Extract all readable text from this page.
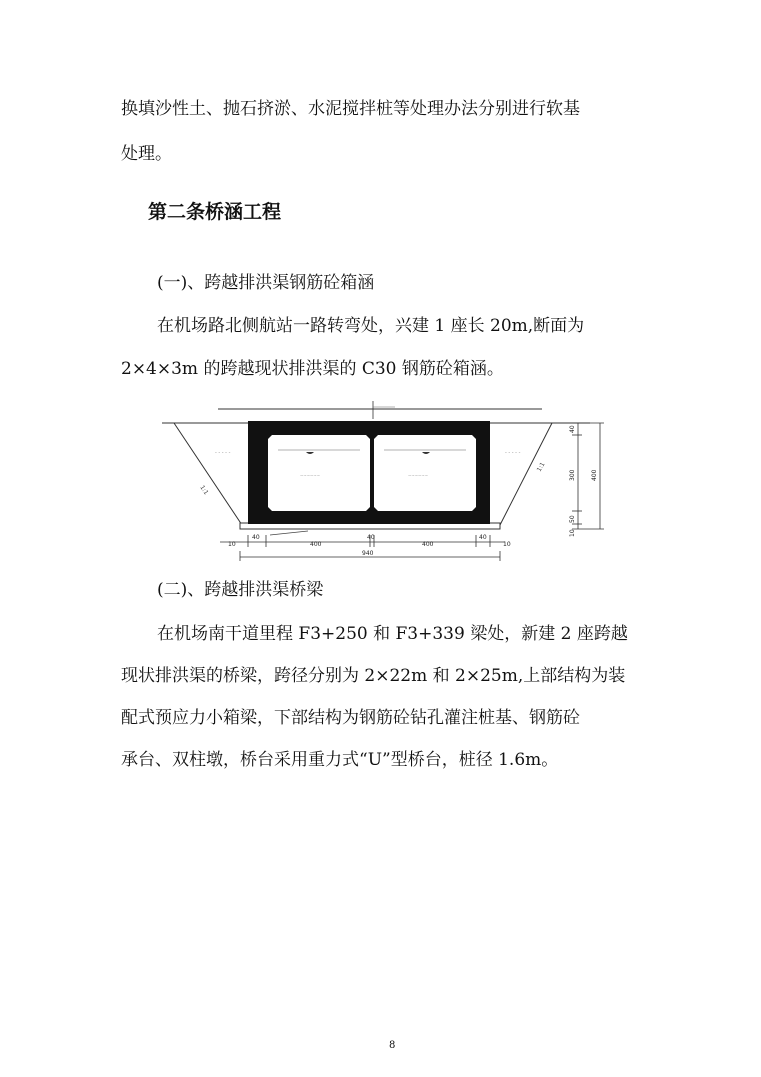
换填沙性土、抛石挤淤、水泥搅拌桩等处理办法分别进行软基
处理。
第二条桥涵工程
(一)、跨越排洪渠钢筋砼箱涵
在机场路北侧航站一路转弯处，兴建 1 座长 20m,断面为
2×4×3m 的跨越现状排洪渠的 C30 钢筋砼箱涵。
1:1
1:1
- - - - -	- - - - -
~~~~~~	~~~~~~
10
40
400
40
400
40
10
940
40
300	400
10
50
(二)、跨越排洪渠桥梁
在机场南干道里程 F3+250 和 F3+339 梁处，新建 2 座跨越
现状排洪渠的桥梁，跨径分别为 2×22m 和 2×25m,上部结构为装
配式预应力小箱梁，下部结构为钢筋砼钻孔灌注桩基、钢筋砼
承台、双柱墩，桥台采用重力式“U”型桥台，桩径 1.6m。
8
